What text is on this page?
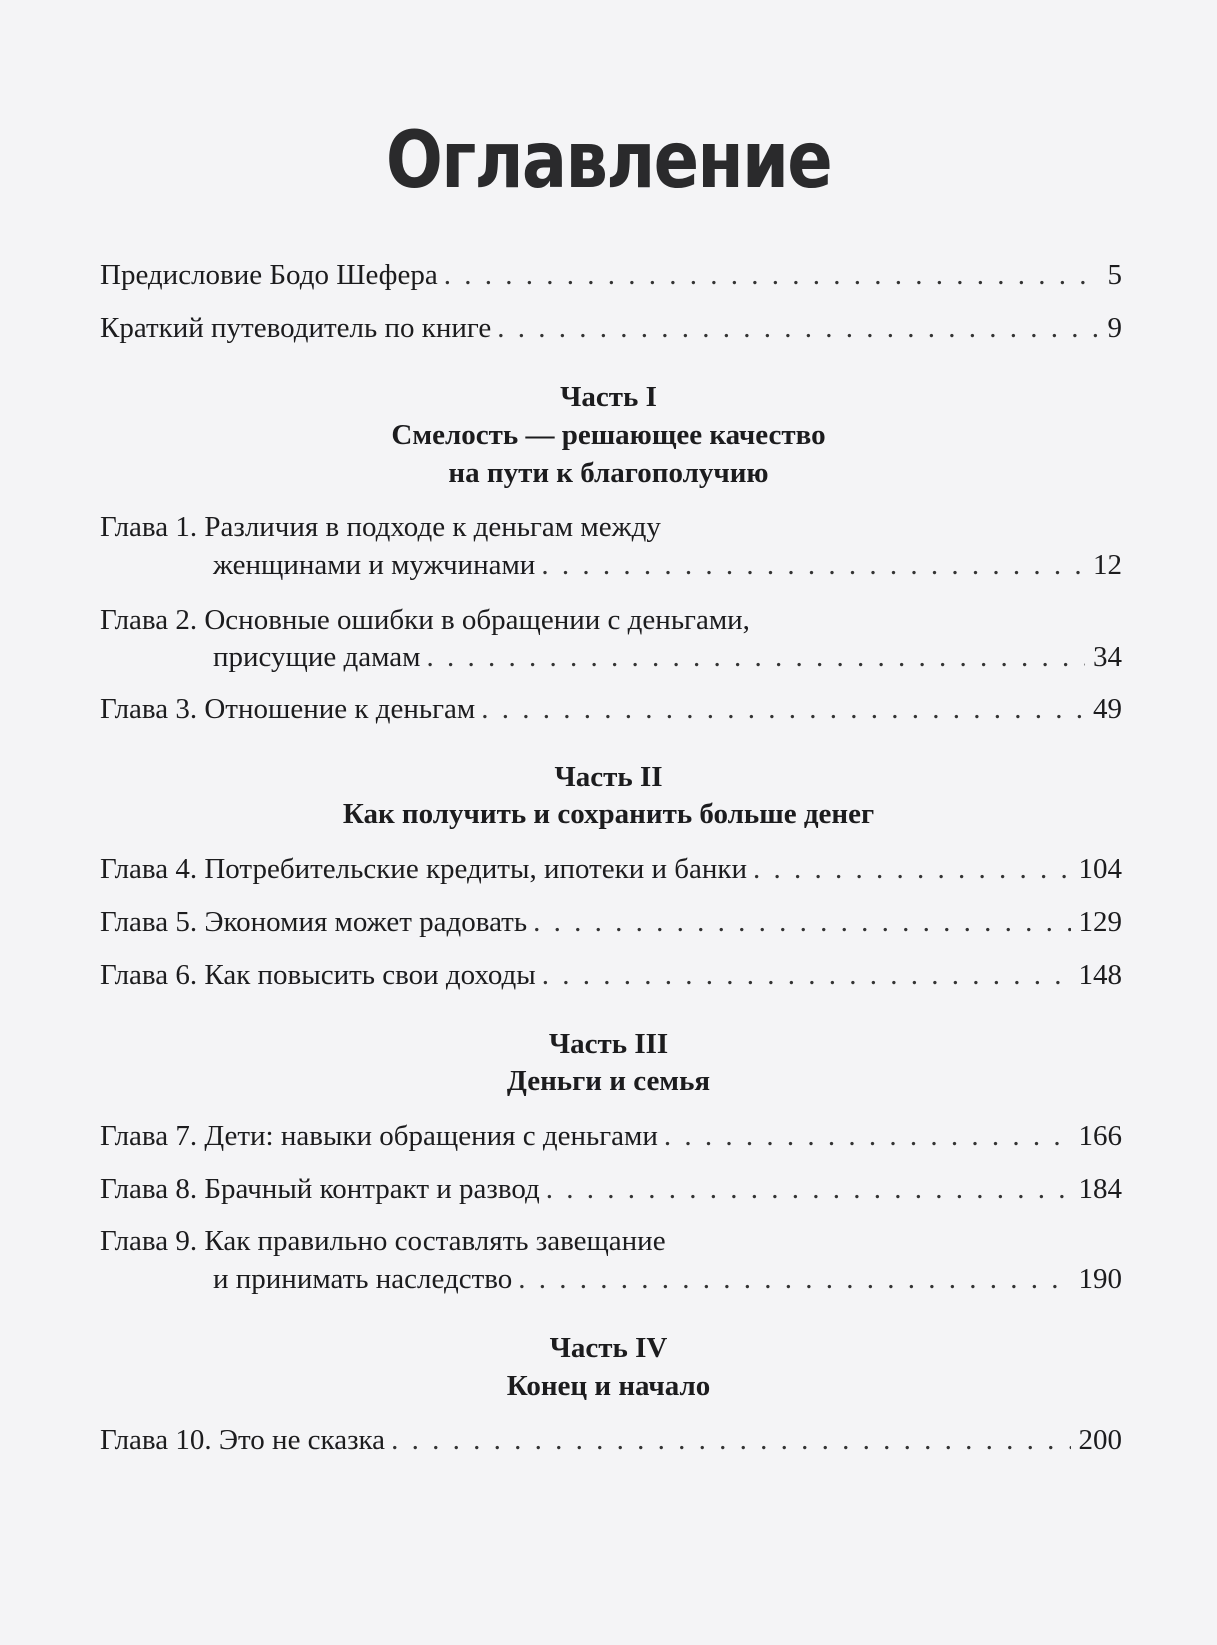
Оглавление
Предисловие Бодо Шефера . . .	5
Краткий путеводитель по книге . . .	9
Часть I
Смелость — решающее качество
на пути к благополучию
Глава 1. Различия в подходе к деньгам между
женщинами и мужчинами . . .	12
Глава 2. Основные ошибки в обращении с деньгами,
присущие дамам . . .	34
Глава 3. Отношение к деньгам . . .	49
Часть II
Как получить и сохранить больше денег
Глава 4. Потребительские кредиты, ипотеки и банки . . .	104
Глава 5. Экономия может радовать . . .	129
Глава 6. Как повысить свои доходы . . .	148
Часть III
Деньги и семья
Глава 7. Дети: навыки обращения с деньгами . . .	166
Глава 8. Брачный контракт и развод . . .	184
Глава 9. Как правильно составлять завещание
и принимать наследство . . .	190
Часть IV
Конец и начало
Глава 10. Это не сказка . . .	200
